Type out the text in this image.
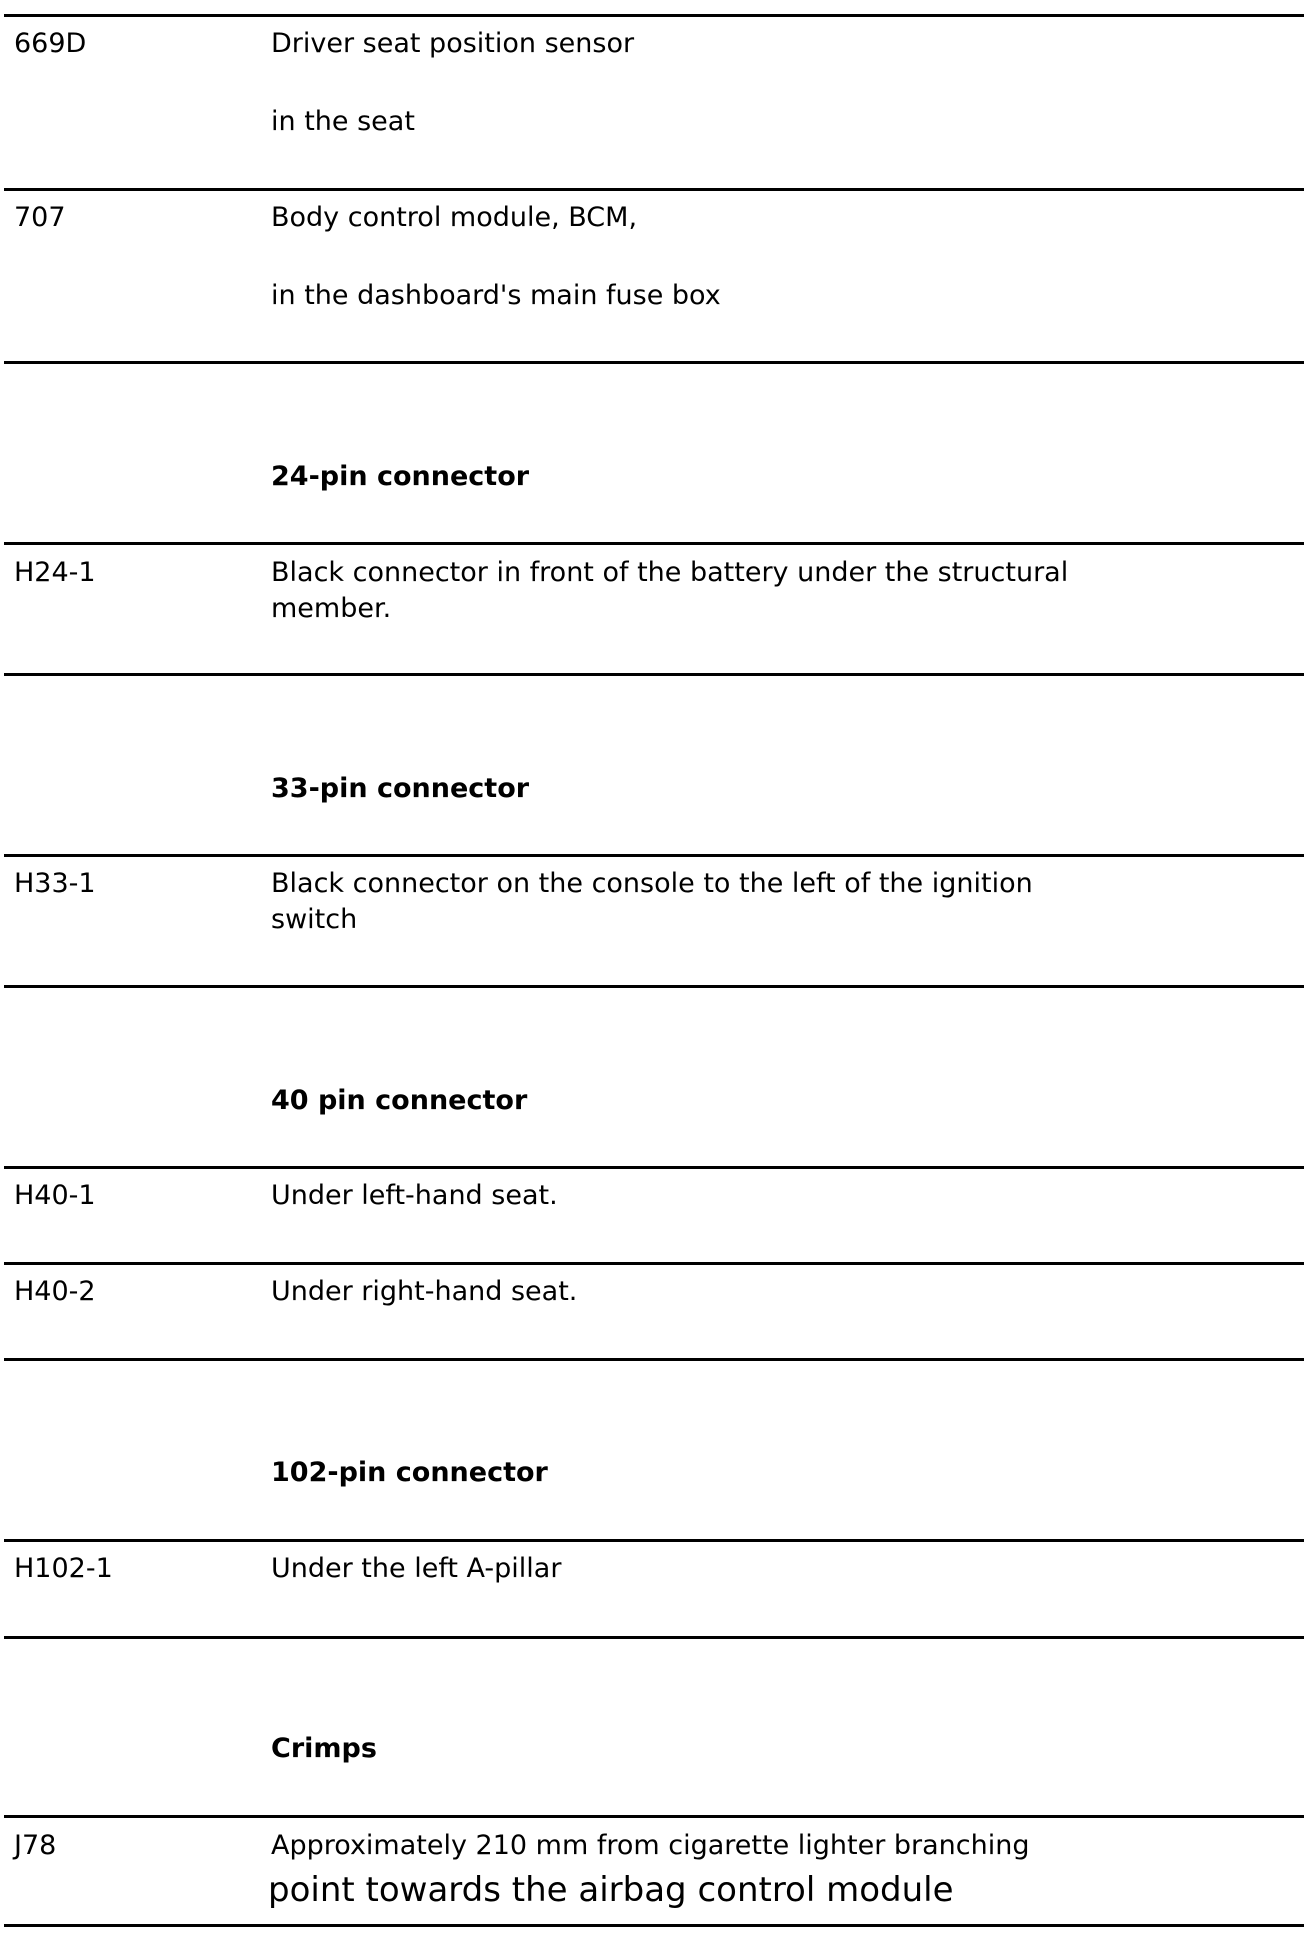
669D	Driver seat position sensor
in the seat
707	Body control module, BCM,
in the dashboard's main fuse box
24-pin connector
H24-1	Black connector in front of the battery under the structural member.
33-pin connector
H33-1	Black connector on the console to the left of the ignition switch
40 pin connector
H40-1	Under left-hand seat.
H40-2	Under right-hand seat.
102-pin connector
H102-1	Under the left A-pillar
Crimps
J78	Approximately 210 mm from cigarette lighter branching
point towards the airbag control module
